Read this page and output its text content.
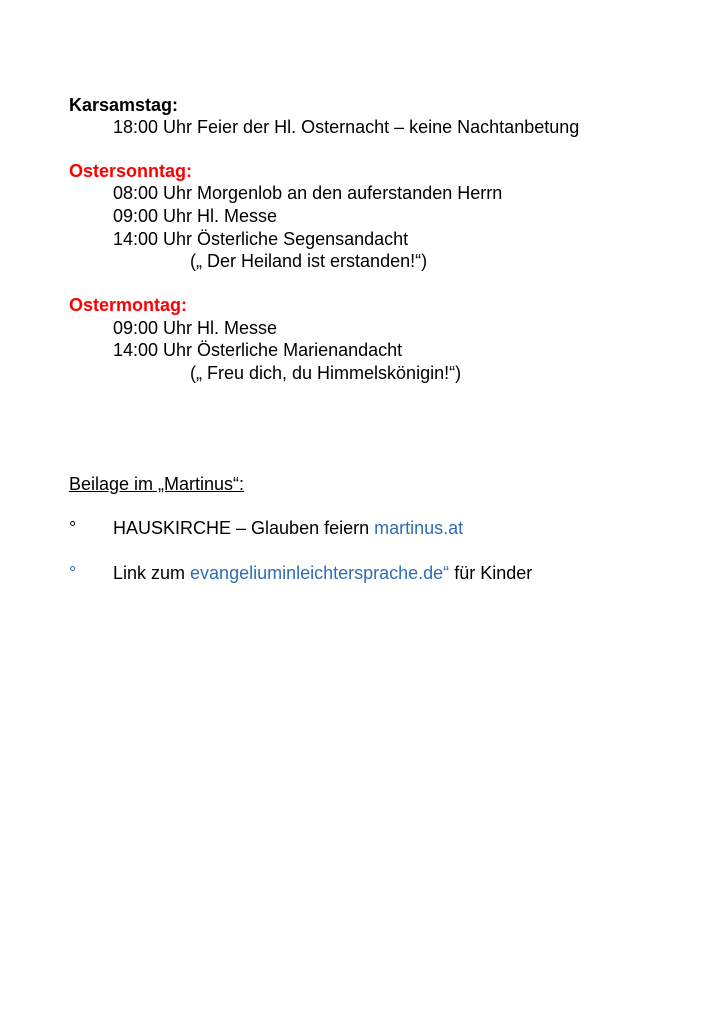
Karsamstag:
18:00 Uhr Feier der Hl. Osternacht – keine Nachtanbetung
Ostersonntag:
08:00 Uhr Morgenlob an den auferstanden Herrn
09:00 Uhr Hl. Messe
14:00 Uhr Österliche Segensandacht
(„ Der Heiland ist erstanden!“)
Ostermontag:
09:00 Uhr Hl. Messe
14:00 Uhr Österliche Marienandacht
(„ Freu dich, du Himmelskönigin!“)
Beilage im „Martinus“:
° HAUSKIRCHE – Glauben feiern martinus.at
° Link zum evangeliuminleichtersprache.de“ für Kinder
